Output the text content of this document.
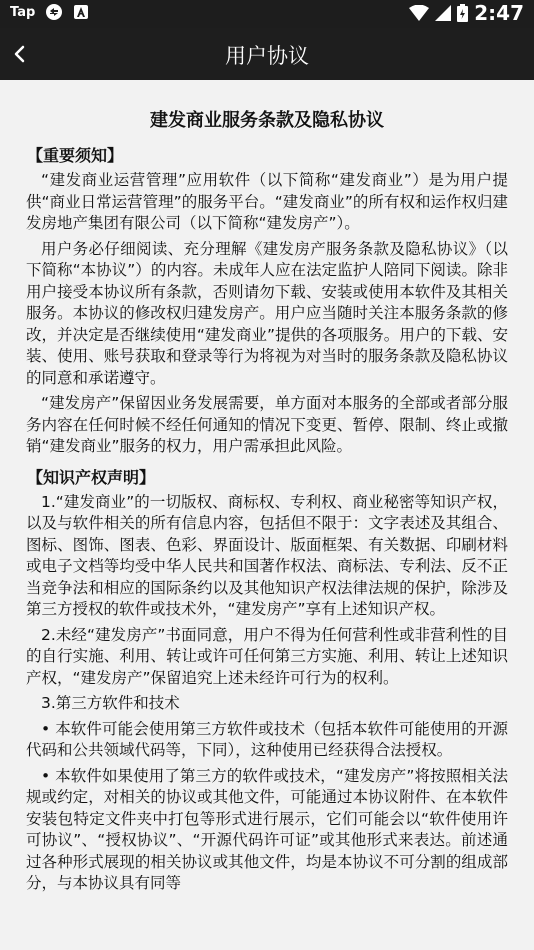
Tap	2:47
用户协议
建发商业服务条款及隐私协议
【重要须知】

“建发商业运营管理”应用软件（以下简称“建发商业”）是为用户提供“商业日常运营管理”的服务平台。“建发商业”的所有权和运作权归建发房地产集团有限公司（以下简称“建发房产”）。

用户务必仔细阅读、充分理解《建发房产服务条款及隐私协议》（以下简称“本协议”）的内容。未成年人应在法定监护人陪同下阅读。除非用户接受本协议所有条款，否则请勿下载、安装或使用本软件及其相关服务。本协议的修改权归建发房产。用户应当随时关注本服务条款的修改，并决定是否继续使用“建发商业”提供的各项服务。用户的下载、安装、使用、账号获取和登录等行为将视为对当时的服务条款及隐私协议的同意和承诺遵守。

“建发房产”保留因业务发展需要，单方面对本服务的全部或者部分服务内容在任何时候不经任何通知的情况下变更、暂停、限制、终止或撤销“建发商业”服务的权力，用户需承担此风险。

【知识产权声明】

1.“建发商业”的一切版权、商标权、专利权、商业秘密等知识产权，以及与软件相关的所有信息内容，包括但不限于：文字表述及其组合、图标、图饰、图表、色彩、界面设计、版面框架、有关数据、印刷材料或电子文档等均受中华人民共和国著作权法、商标法、专利法、反不正当竞争法和相应的国际条约以及其他知识产权法律法规的保护，除涉及第三方授权的软件或技术外，“建发房产”享有上述知识产权。

2.未经“建发房产”书面同意，用户不得为任何营利性或非营利性的目的自行实施、利用、转让或许可任何第三方实施、利用、转让上述知识产权，“建发房产”保留追究上述未经许可行为的权利。

3.第三方软件和技术

• 本软件可能会使用第三方软件或技术（包括本软件可能使用的开源代码和公共领域代码等，下同），这种使用已经获得合法授权。

• 本软件如果使用了第三方的软件或技术，“建发房产”将按照相关法规或约定，对相关的协议或其他文件，可能通过本协议附件、在本软件安装包特定文件夹中打包等形式进行展示，它们可能会以“软件使用许可协议”、“授权协议”、“开源代码许可证”或其他形式来表达。前述通过各种形式展现的相关协议或其他文件，均是本协议不可分割的组成部分，与本协议具有同等
